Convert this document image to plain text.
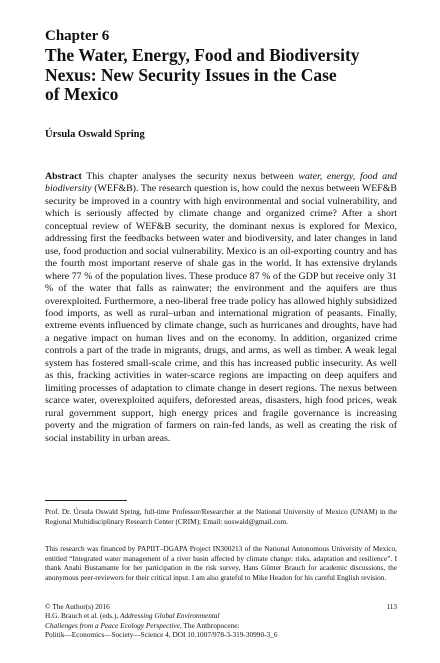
Chapter 6
The Water, Energy, Food and Biodiversity
Nexus: New Security Issues in the Case
of Mexico
Úrsula Oswald Spring
Abstract This chapter analyses the security nexus between water, energy, food and biodiversity (WEF&B). The research question is, how could the nexus between WEF&B security be improved in a country with high environmental and social vulnerability, and which is seriously affected by climate change and organized crime? After a short conceptual review of WEF&B security, the dominant nexus is explored for Mexico, addressing first the feedbacks between water and biodiversity, and later changes in land use, food production and social vulnerability. Mexico is an oil-exporting country and has the fourth most important reserve of shale gas in the world. It has extensive drylands where 77 % of the population lives. These produce 87 % of the GDP but receive only 31 % of the water that falls as rainwater; the environment and the aquifers are thus overexploited. Furthermore, a neo-liberal free trade policy has allowed highly subsidized food imports, as well as rural–urban and international migration of peasants. Finally, extreme events influenced by climate change, such as hurricanes and droughts, have had a negative impact on human lives and on the economy. In addition, organized crime controls a part of the trade in migrants, drugs, and arms, as well as timber. A weak legal system has fostered small-scale crime, and this has increased public insecurity. As well as this, fracking activities in water-scarce regions are impacting on deep aquifers and limiting processes of adaptation to climate change in desert regions. The nexus between scarce water, overexploited aquifers, deforested areas, disasters, high food prices, weak rural government support, high energy prices and fragile governance is increasing poverty and the migration of farmers on rain-fed lands, as well as creating the risk of social instability in urban areas.
Prof. Dr. Úrsula Oswald Spring, full-time Professor/Researcher at the National University of Mexico (UNAM) in the Regional Multidisciplinary Research Center (CRIM); Email: uoswald@gmail.com.
This research was financed by PAPIIT–DGAPA Project IN300213 of the National Autonomous University of Mexico, entitled “Integrated water management of a river basin affected by climate change: risks, adaptation and resilience”. I thank Anahi Bustamante for her participation in the risk survey, Hans Günter Brauch for academic discussions, the anonymous peer-reviewers for their critical input. I am also grateful to Mike Headon for his careful English revision.
© The Author(s) 2016	113
H.G. Brauch et al. (eds.), Addressing Global Environmental
Challenges from a Peace Ecology Perspective, The Anthropocene:
Politik—Economics—Society—Science 4, DOI 10.1007/978-3-319-30990-3_6
